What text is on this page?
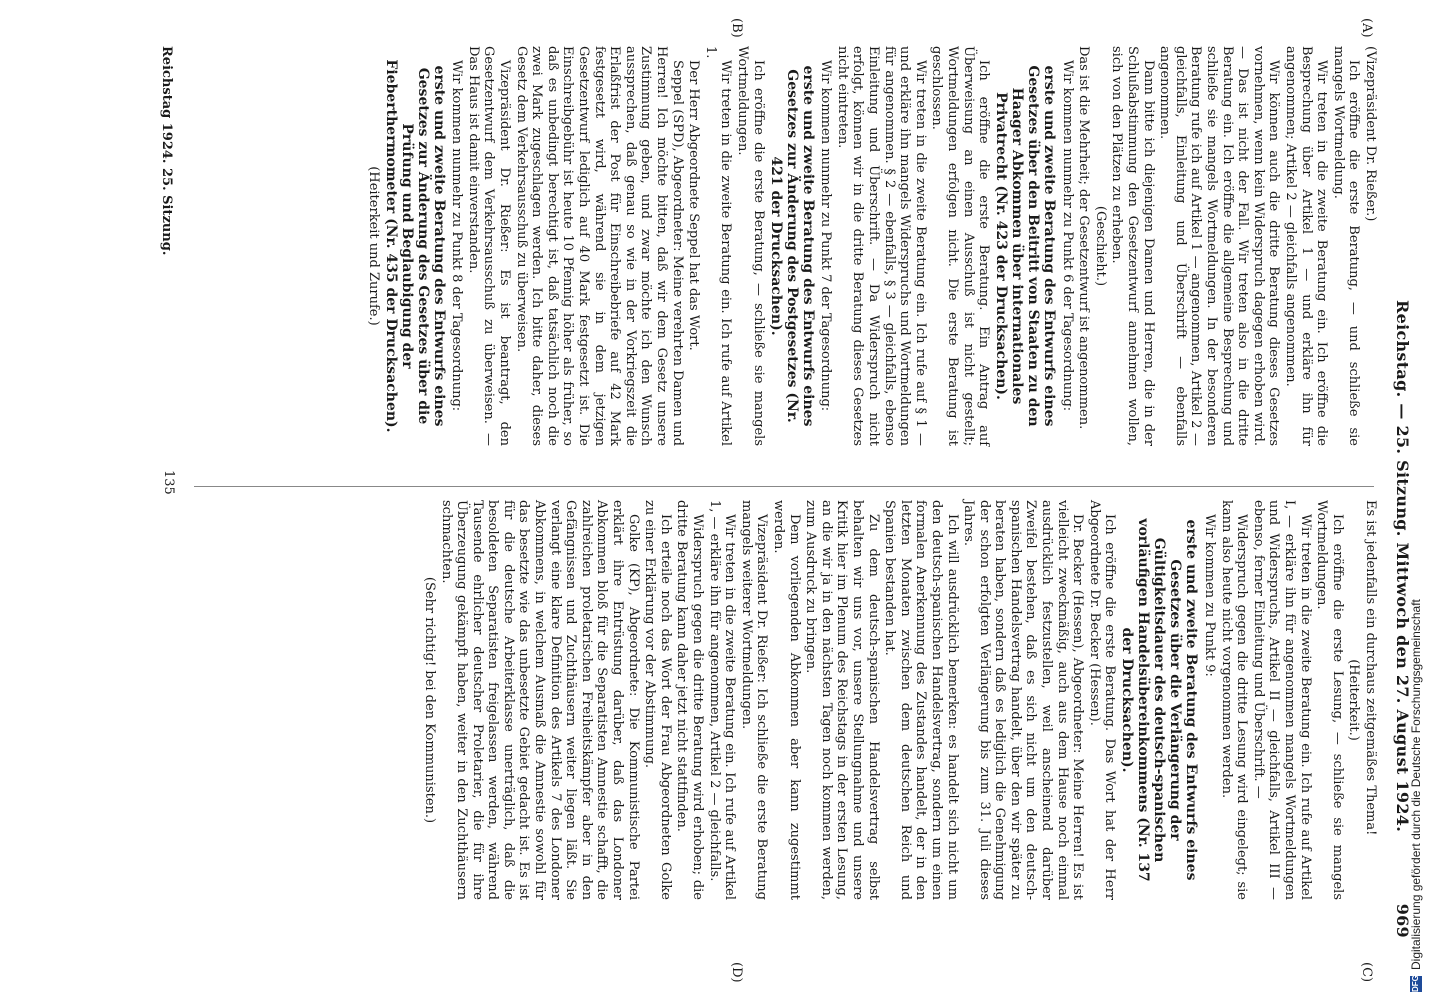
Reichstag. — 25. Sitzung. Mittwoch den 27. August 1924.
969
(A)
(B)
(C)
(D)

(Vizepräsident Dr. Rießer.)

Ich eröffne die erste Beratung, — und schließe sie mangels Wortmeldung.

Wir treten in die zweite Beratung ein. Ich eröffne die Besprechung über Artikel 1 — und erkläre ihn für angenommen; Artikel 2 — gleichfalls angenommen.

Wir können auch die dritte Beratung dieses Gesetzes vornehmen, wenn kein Widerspruch dagegen erhoben wird. — Das ist nicht der Fall. Wir treten also in die dritte Beratung ein. Ich eröffne die allgemeine Besprechung und schließe sie mangels Wortmeldungen. In der besonderen Beratung rufe ich auf Artikel 1 — angenommen, Artikel 2 — gleichfalls, Einleitung und Überschrift — ebenfalls angenommen.

Dann bitte ich diejenigen Damen und Herren, die in der Schlußabstimmung den Gesetzentwurf annehmen wollen, sich von den Plätzen zu erheben.

(Geschieht.)

Das ist die Mehrheit; der Gesetzentwurf ist angenommen.

Wir kommen nunmehr zu Punkt 6 der Tagesordnung:

erste und zweite Beratung des Entwurfs eines Gesetzes über den Beitritt von Staaten zu den Haager Abkommen über internationales Privatrecht (Nr. 423 der Drucksachen).

Ich eröffne die erste Beratung. Ein Antrag auf Überweisung an einen Ausschuß ist nicht gestellt; Wortmeldungen erfolgen nicht. Die erste Beratung ist geschlossen.

Wir treten in die zweite Beratung ein. Ich rufe auf § 1 — und erkläre ihn mangels Widerspruchs und Wortmeldungen für angenommen. § 2 — ebenfalls, § 3 — gleichfalls, ebenso Einleitung und Überschrift. — Da Widerspruch nicht erfolgt, können wir in die dritte Beratung dieses Gesetzes nicht eintreten.

Wir kommen nunmehr zu Punkt 7 der Tagesordnung:

erste und zweite Beratung des Entwurfs eines Gesetzes zur Änderung des Postgesetzes (Nr. 421 der Drucksachen).

Ich eröffne die erste Beratung, — schließe sie mangels Wortmeldungen.

Wir treten in die zweite Beratung ein. Ich rufe auf Artikel 1.

Der Herr Abgeordnete Seppel hat das Wort.

Seppel (SPD), Abgeordneter: Meine verehrten Damen und Herren! Ich möchte bitten, daß wir dem Gesetz unsere Zustimmung geben, und zwar möchte ich den Wunsch aussprechen, daß genau so wie in der Vorkriegszeit die Erlaßfrist der Post für Einschreibebriefe auf 42 Mark festgesetzt wird, während sie in dem jetzigen Gesetzentwurf lediglich auf 40 Mark festgesetzt ist. Die Einschreibgebühr ist heute 10 Pfennig höher als früher, so daß es unbedingt berechtigt ist, daß tatsächlich noch die zwei Mark zugeschlagen werden. Ich bitte daher, dieses Gesetz dem Verkehrsausschuß zu überweisen.

Vizepräsident Dr. Rießer: Es ist beantragt, den Gesetzentwurf dem Verkehrsausschuß zu überweisen. — Das Haus ist damit einverstanden.

Wir kommen nunmehr zu Punkt 8 der Tagesordnung:

erste und zweite Beratung des Entwurfs eines Gesetzes zur Änderung des Gesetzes über die Prüfung und Beglaubigung der Fieberthermometer (Nr. 435 der Drucksachen).

(Heiterkeit und Zurufe.)

Es ist jedenfalls ein durchaus zeitgemäßes Thema!

(Heiterkeit.)

Ich eröffne die erste Lesung, — schließe sie mangels Wortmeldungen.

Wir treten in die zweite Beratung ein. Ich rufe auf Artikel I, — erkläre ihn für angenommen mangels Wortmeldungen und Widerspruchs, Artikel II — gleichfalls, Artikel III — ebenso, ferner Einleitung und Überschrift. —

Widerspruch gegen die dritte Lesung wird eingelegt; sie kann also heute nicht vorgenommen werden.

Wir kommen zu Punkt 9:

erste und zweite Beratung des Entwurfs eines Gesetzes über die Verlängerung der Gültigkeitsdauer des deutsch-spanischen vorläufigen Handelsübereinkommens (Nr. 137 der Drucksachen).

Ich eröffne die erste Beratung. Das Wort hat der Herr Abgeordnete Dr. Becker (Hessen).

Dr. Becker (Hessen), Abgeordneter: Meine Herren! Es ist vielleicht zweckmäßig, auch aus dem Hause noch einmal ausdrücklich festzustellen, weil anscheinend darüber Zweifel bestehen, daß es sich nicht um den deutsch-spanischen Handelsvertrag handelt, über den wir später zu beraten haben, sondern daß es lediglich die Genehmigung der schon erfolgten Verlängerung bis zum 31. Juli dieses Jahres.

Ich will ausdrücklich bemerken: es handelt sich nicht um den deutsch-spanischen Handelsvertrag, sondern um einen formalen Anerkennung des Zustandes handelt, der in den letzten Monaten zwischen dem deutschen Reich und Spanien bestanden hat.

Zu dem deutsch-spanischen Handelsvertrag selbst behalten wir uns vor, unsere Stellungnahme und unsere Kritik hier im Plenum des Reichstags in der ersten Lesung, an die wir ja in den nächsten Tagen noch kommen werden, zum Ausdruck zu bringen.

Dem vorliegenden Abkommen aber kann zugestimmt werden.

Vizepräsident Dr. Rießer: Ich schließe die erste Beratung mangels weiterer Wortmeldungen.

Wir treten in die zweite Beratung ein. Ich rufe auf Artikel 1, — erkläre ihn für angenommen, Artikel 2 — gleichfalls.

Widerspruch gegen die dritte Beratung wird erhoben; die dritte Beratung kann daher jetzt nicht stattfinden.

Ich erteile noch das Wort der Frau Abgeordneten Golke zu einer Erklärung vor der Abstimmung.

Golke (KP), Abgeordnete: Die Kommunistische Partei erklärt ihre Entrüstung darüber, daß das Londoner Abkommen bloß für die Separatisten Amnestie schafft, die zahlreichen proletarischen Freiheitskämpfer aber in den Gefängnissen und Zuchthäusern weiter liegen läßt. Sie verlangt eine klare Definition des Artikels 7 des Londoner Abkommens, in welchem Ausmaß die Amnestie sowohl für das besetzte wie das unbesetzte Gebiet gedacht ist. Es ist für die deutsche Arbeiterklasse unerträglich, daß die besoldeten Separatisten freigelassen werden, während Tausende ehrlicher deutscher Proletarier, die für ihre Überzeugung gekämpft haben, weiter in den Zuchthäusern schmachten.

(Sehr richtig! bei den Kommunisten.)

Reichstag 1924. 25. Sitzung.
135
DFG
Digitalisierung gefördert durch die Deutsche Forschungsgemeinschaft
